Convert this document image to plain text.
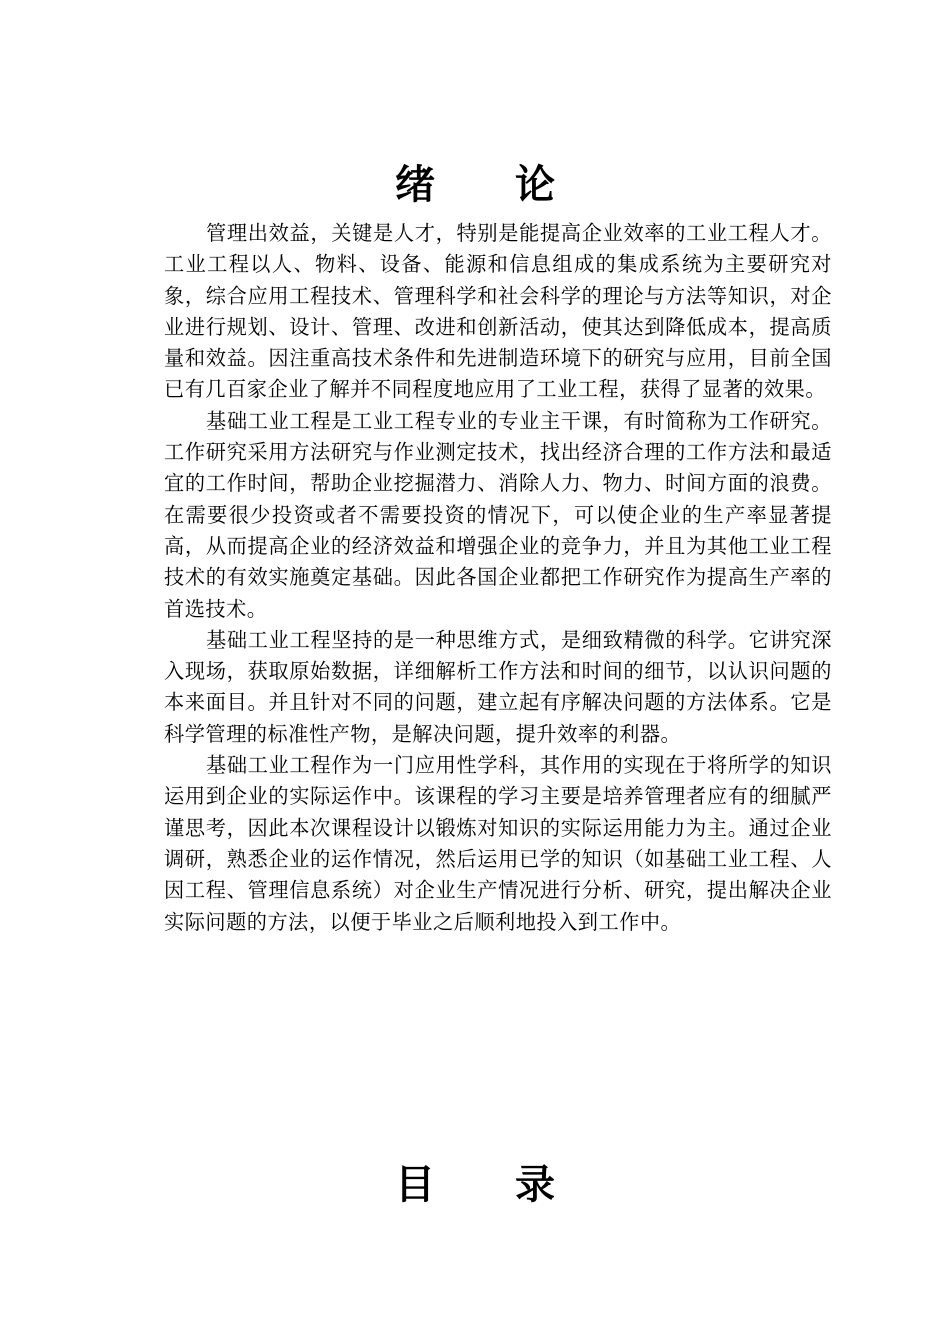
绪论

管理出效益，关键是人才，特别是能提高企业效率的工业工程人才。工业工程以人、物料、设备、能源和信息组成的集成系统为主要研究对象，综合应用工程技术、管理科学和社会科学的理论与方法等知识，对企业进行规划、设计、管理、改进和创新活动，使其达到降低成本，提高质量和效益。因注重高技术条件和先进制造环境下的研究与应用，目前全国已有几百家企业了解并不同程度地应用了工业工程，获得了显著的效果。

基础工业工程是工业工程专业的专业主干课，有时简称为工作研究。工作研究采用方法研究与作业测定技术，找出经济合理的工作方法和最适宜的工作时间，帮助企业挖掘潜力、消除人力、物力、时间方面的浪费。在需要很少投资或者不需要投资的情况下，可以使企业的生产率显著提高，从而提高企业的经济效益和增强企业的竞争力，并且为其他工业工程技术的有效实施奠定基础。因此各国企业都把工作研究作为提高生产率的首选技术。

基础工业工程坚持的是一种思维方式，是细致精微的科学。它讲究深入现场，获取原始数据，详细解析工作方法和时间的细节，以认识问题的本来面目。并且针对不同的问题，建立起有序解决问题的方法体系。它是科学管理的标准性产物，是解决问题，提升效率的利器。

基础工业工程作为一门应用性学科，其作用的实现在于将所学的知识运用到企业的实际运作中。该课程的学习主要是培养管理者应有的细腻严谨思考，因此本次课程设计以锻炼对知识的实际运用能力为主。通过企业调研，熟悉企业的运作情况，然后运用已学的知识（如基础工业工程、人因工程、管理信息系统）对企业生产情况进行分析、研究，提出解决企业实际问题的方法，以便于毕业之后顺利地投入到工作中。

目录
